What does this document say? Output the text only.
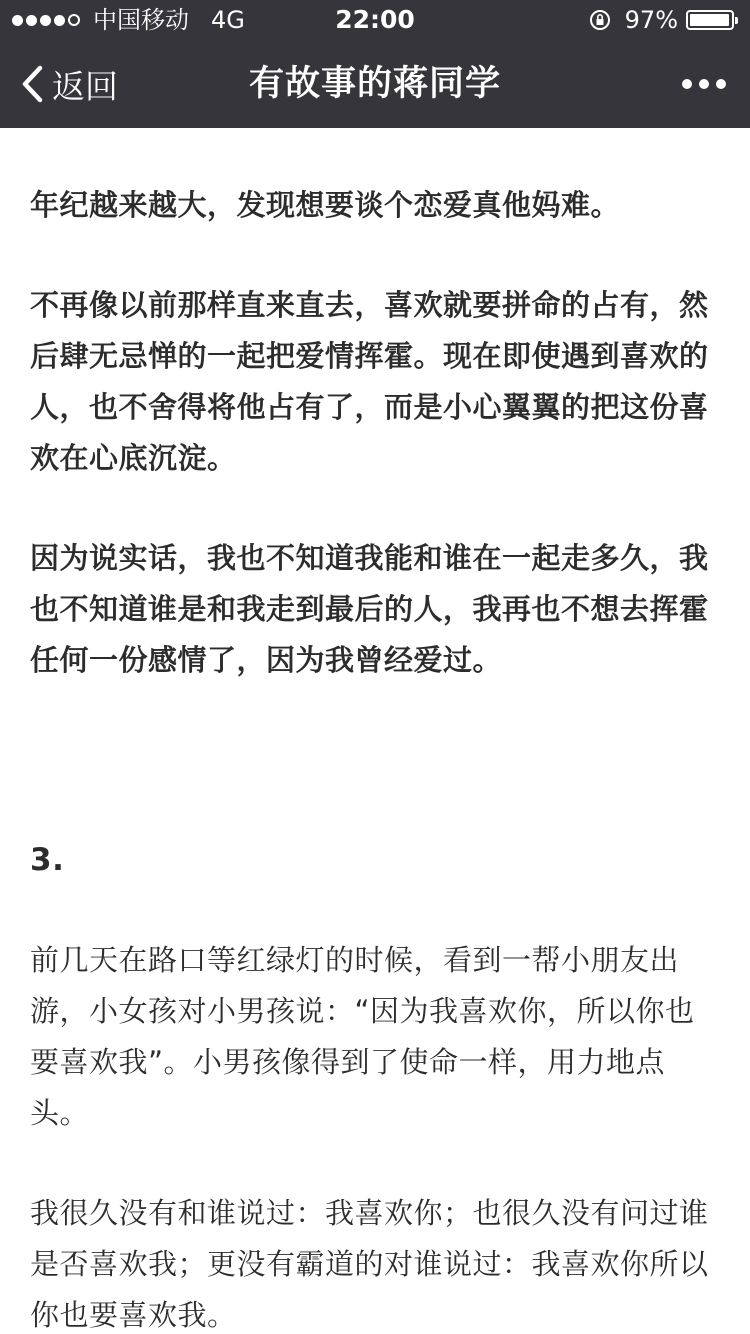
中国移动 4G	22:00	97%
返回	有故事的蒋同学

年纪越来越大，发现想要谈个恋爱真他妈难。

不再像以前那样直来直去，喜欢就要拼命的占有，然后肆无忌惮的一起把爱情挥霍。现在即使遇到喜欢的人，也不舍得将他占有了，而是小心翼翼的把这份喜欢在心底沉淀。

因为说实话，我也不知道我能和谁在一起走多久，我也不知道谁是和我走到最后的人，我再也不想去挥霍任何一份感情了，因为我曾经爱过。

3.

前几天在路口等红绿灯的时候，看到一帮小朋友出游，小女孩对小男孩说：“因为我喜欢你，所以你也要喜欢我”。小男孩像得到了使命一样，用力地点头。

我很久没有和谁说过：我喜欢你；也很久没有问过谁是否喜欢我；更没有霸道的对谁说过：我喜欢你所以你也要喜欢我。
